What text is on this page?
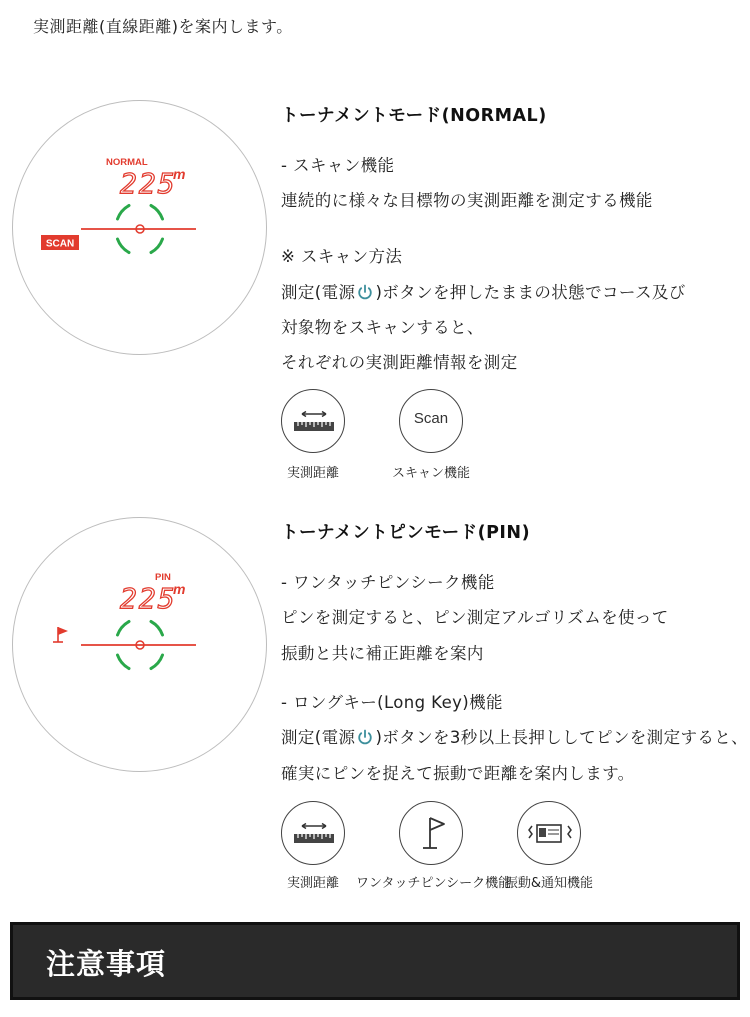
実測距離(直線距離)を案内します。
NORMAL
225
m
SCAN
トーナメントモード(NORMAL)
- スキャン機能
連続的に様々な目標物の実測距離を測定する機能
※ スキャン方法
測定(電源 )ボタンを押したままの状態でコース及び
対象物をスキャンすると、
それぞれの実測距離情報を測定
実測距離
Scan
スキャン機能
PIN
225
m
トーナメントピンモード(PIN)
- ワンタッチピンシーク機能
ピンを測定すると、ピン測定アルゴリズムを使って
振動と共に補正距離を案内
- ロングキー(Long Key)機能
測定(電源 )ボタンを3秒以上長押ししてピンを測定すると、
確実にピンを捉えて振動で距離を案内します。
実測距離	ワンタッチピンシーク機能
振動&通知機能
注意事項
